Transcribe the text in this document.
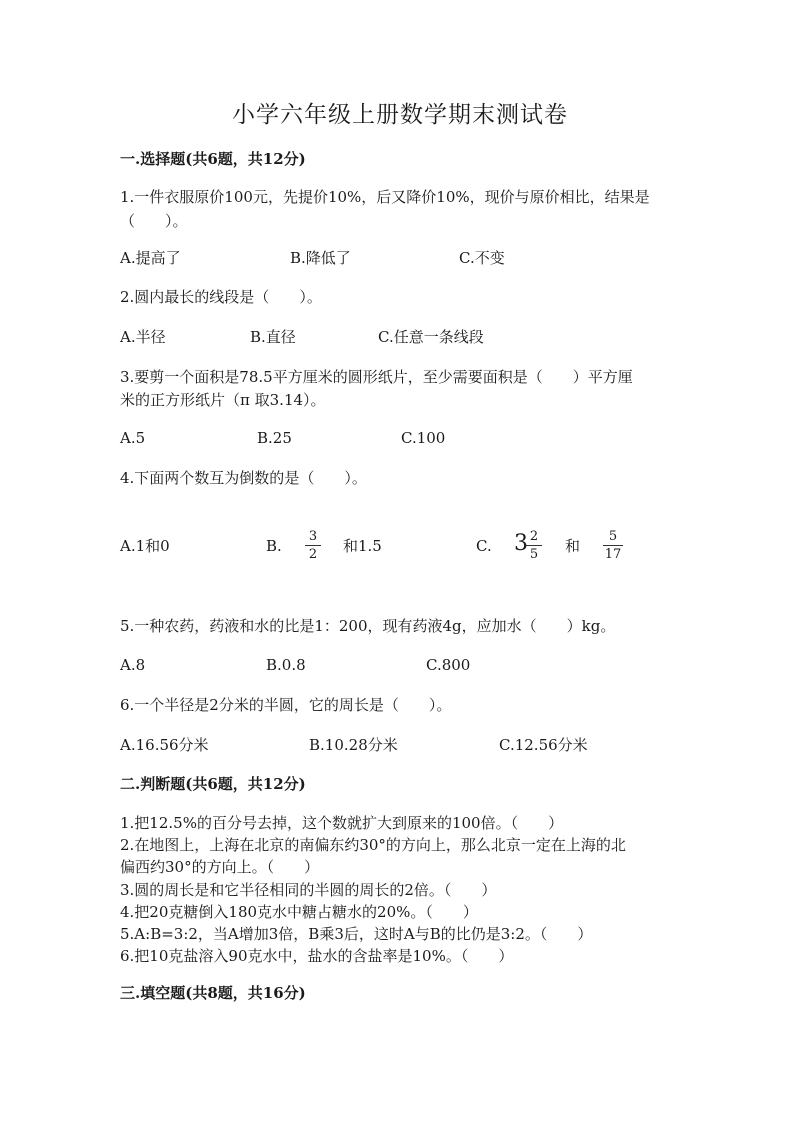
小学六年级上册数学期末测试卷
一.选择题(共6题，共12分)
1.一件衣服原价100元，先提价10%，后又降价10%，现价与原价相比，结果是
（　　）。
A.提高了	B.降低了	C.不变
2.圆内最长的线段是（　　）。
A.半径	B.直径	C.任意一条线段
3.要剪一个面积是78.5平方厘米的圆形纸片，至少需要面积是（　　）平方厘
米的正方形纸片（π 取3.14）。
A.5	B.25	C.100
4.下面两个数互为倒数的是（　　）。
A.1和0	B.
3
2	和1.5	C. 3 2
5	和
5
17
5.一种农药，药液和水的比是1：200，现有药液4g，应加水（　　）kg。
A.8	B.0.8	C.800
6.一个半径是2分米的半圆，它的周长是（　　）。
A.16.56分米	B.10.28分米	C.12.56分米
二.判断题(共6题，共12分)
1.把12.5%的百分号去掉，这个数就扩大到原来的100倍。（　　）
2.在地图上，上海在北京的南偏东约30°的方向上，那么北京一定在上海的北
偏西约30°的方向上。（　　）
3.圆的周长是和它半径相同的半圆的周长的2倍。（　　）
4.把20克糖倒入180克水中糖占糖水的20%。（　　）
5.A:B=3:2，当A增加3倍，B乘3后，这时A与B的比仍是3:2。（　　）
6.把10克盐溶入90克水中，盐水的含盐率是10%。（　　）
三.填空题(共8题，共16分)
